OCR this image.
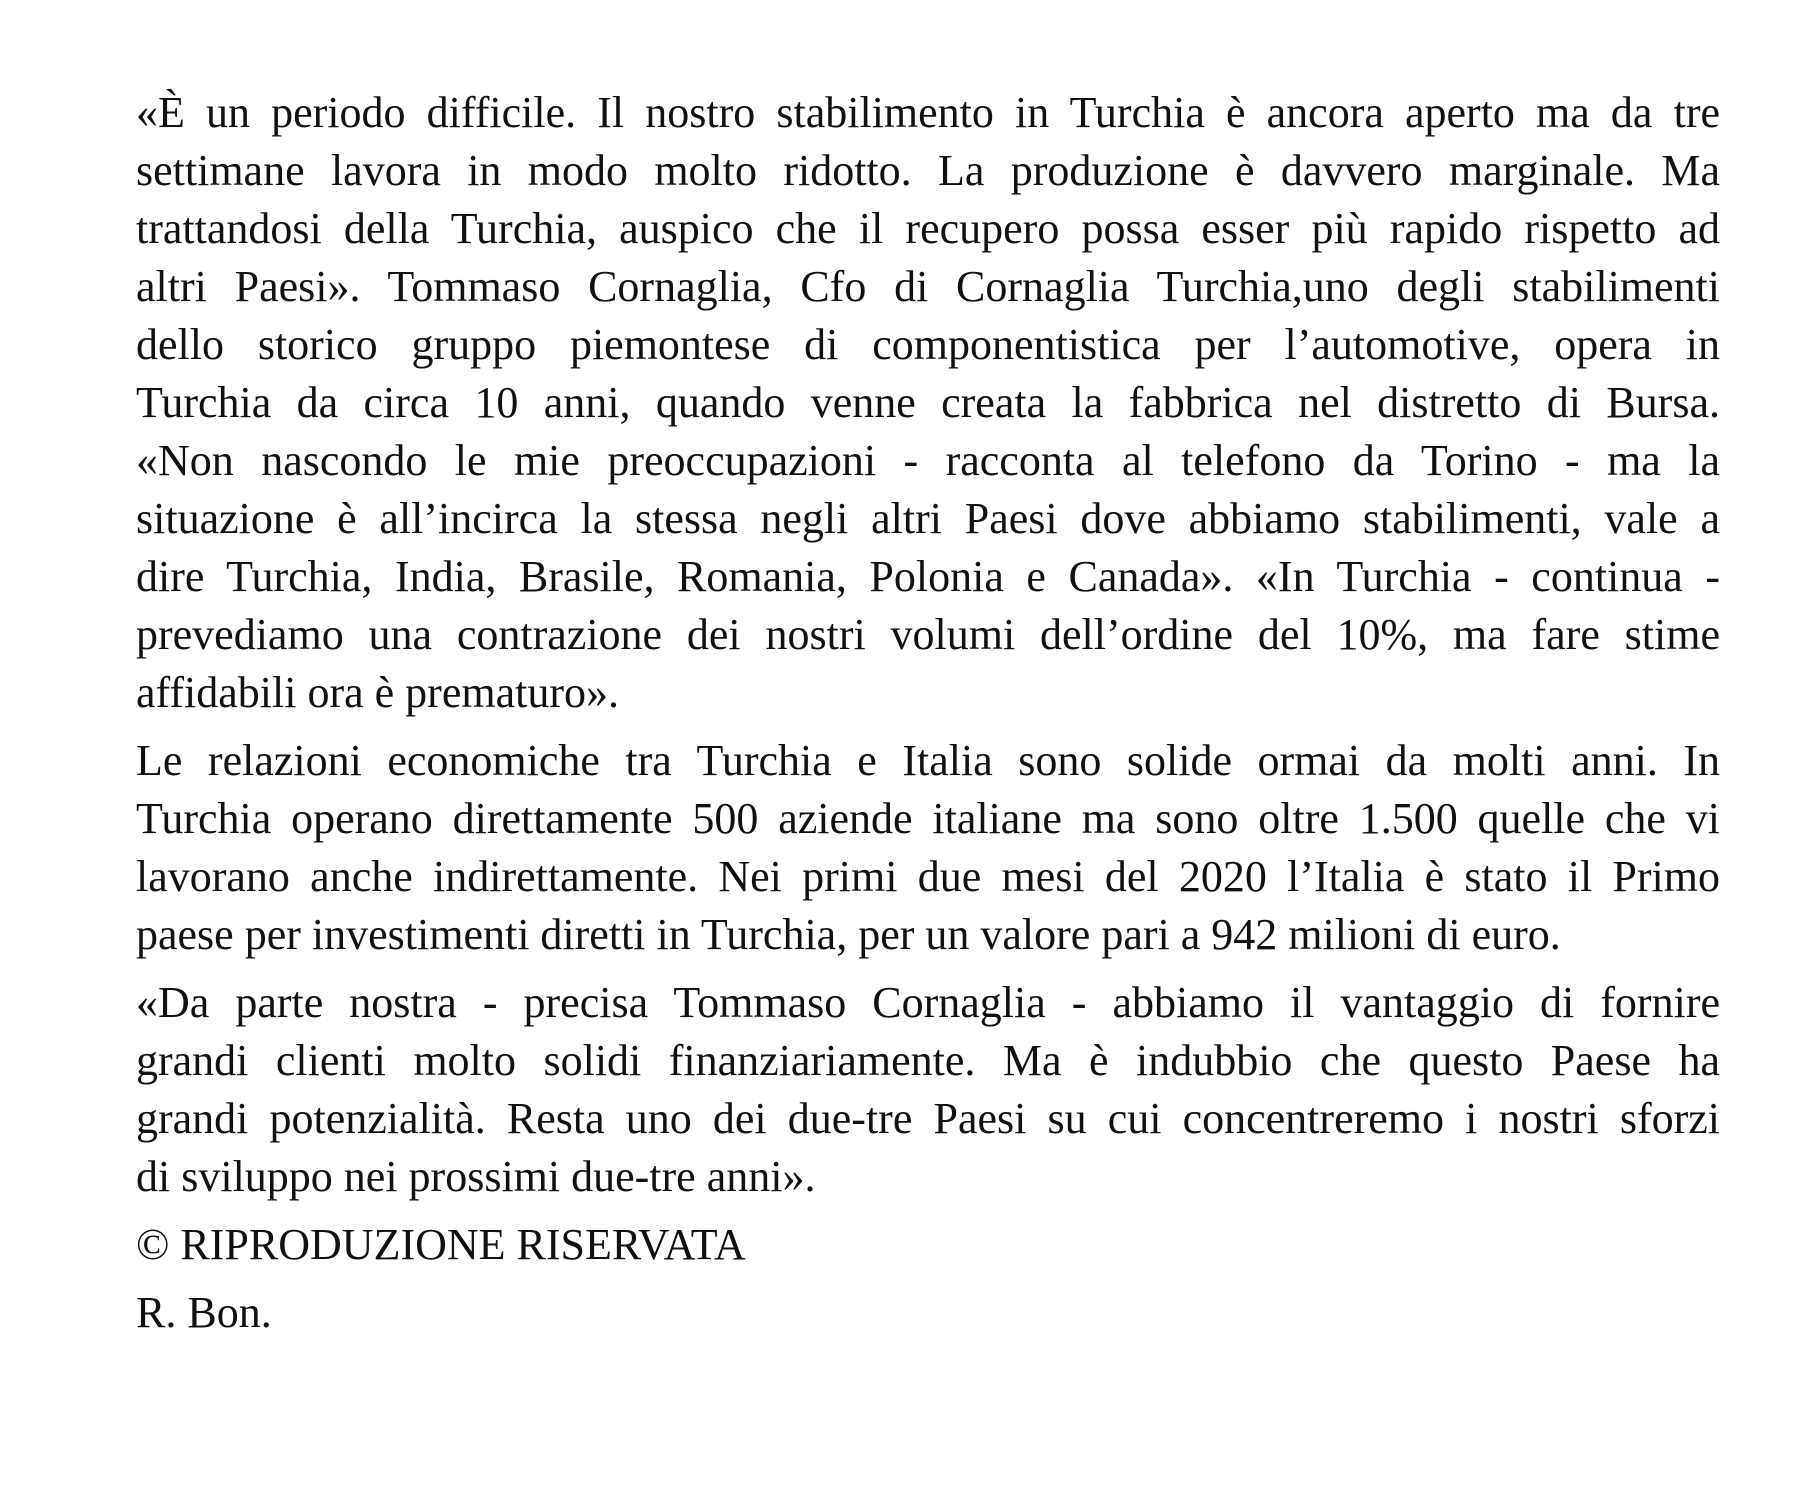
«È un periodo difficile. Il nostro stabilimento in Turchia è ancora aperto ma da tre
settimane lavora in modo molto ridotto. La produzione è davvero marginale. Ma
trattandosi della Turchia, auspico che il recupero possa esser più rapido rispetto ad
altri Paesi». Tommaso Cornaglia, Cfo di Cornaglia Turchia,uno degli stabilimenti
dello storico gruppo piemontese di componentistica per l’automotive, opera in
Turchia da circa 10 anni, quando venne creata la fabbrica nel distretto di Bursa.
«Non nascondo le mie preoccupazioni - racconta al telefono da Torino - ma la
situazione è all’incirca la stessa negli altri Paesi dove abbiamo stabilimenti, vale a
dire Turchia, India, Brasile, Romania, Polonia e Canada». «In Turchia - continua -
prevediamo una contrazione dei nostri volumi dell’ordine del 10%, ma fare stime
affidabili ora è prematuro».
Le relazioni economiche tra Turchia e Italia sono solide ormai da molti anni. In
Turchia operano direttamente 500 aziende italiane ma sono oltre 1.500 quelle che vi
lavorano anche indirettamente. Nei primi due mesi del 2020 l’Italia è stato il Primo
paese per investimenti diretti in Turchia, per un valore pari a 942 milioni di euro.
«Da parte nostra - precisa Tommaso Cornaglia - abbiamo il vantaggio di fornire
grandi clienti molto solidi finanziariamente. Ma è indubbio che questo Paese ha
grandi potenzialità. Resta uno dei due-tre Paesi su cui concentreremo i nostri sforzi
di sviluppo nei prossimi due-tre anni».

© RIPRODUZIONE RISERVATA

R. Bon.
